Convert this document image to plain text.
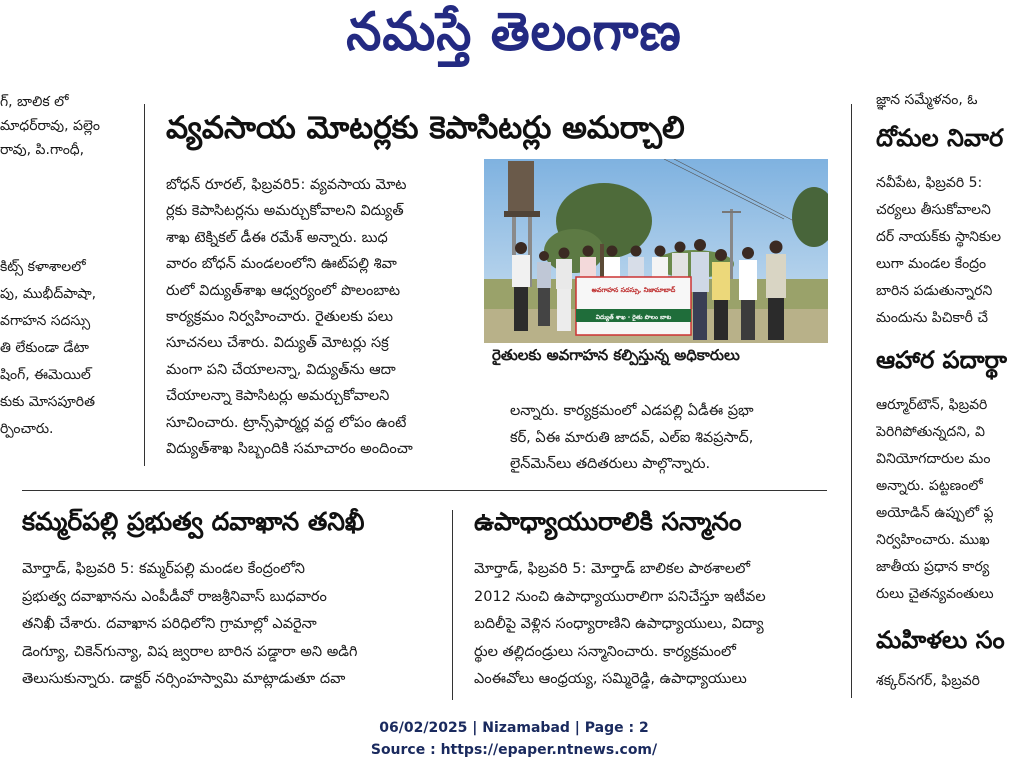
నమస్తే తెలంగాణ

గ్, బాలిక లో

మాధర్‌రావు, పల్లెం

రావు, పి.గాంధీ,

కిట్స్‌ కళాశాలలో

పు, ముభీద్‌పాషా,

వగాహన సదస్సు

తి లేకుండా డేటా

షింగ్‌, ఈమెయిల్‌

కుకు మోసపూరిత

ర్పించారు.

వ్యవసాయ మోటర్లకు కెపాసిటర్లు అమర్చాలి

బోధన్‌ రూరల్‌, ఫిబ్రవరి5: వ్యవసాయ మోట

ర్లకు కెపాసిటర్లను అమర్చుకోవాలని విద్యుత్‌

శాఖ టెక్నికల్‌ డీఈ రమేశ్‌ అన్నారు. బుధ

వారం బోధన్‌ మండలంలోని ఊట్‌పల్లి శివా

రులో విద్యుత్‌శాఖ ఆధ్వర్యంలో పొలంబాట

కార్యక్రమం నిర్వహించారు. రైతులకు పలు

సూచనలు చేశారు. విద్యుత్‌ మోటర్లు సక్ర

మంగా పని చేయాలన్నా, విద్యుత్‌ను ఆదా

చేయాలన్నా కెపాసిటర్లు అమర్చుకోవాలని

సూచించారు. ట్రాన్స్‌ఫార్మర్ల వద్ద లోపం ఉంటే

విద్యుత్‌శాఖ సిబ్బందికి సమాచారం అందించా

అవగాహన సదస్సు, నిజామాబాద్
విద్యుత్ శాఖ - రైతు పొలం బాట
రైతులకు అవగాహన కల్పిస్తున్న అధికారులు

లన్నారు. కార్యక్రమంలో ఎడపల్లి ఏడీఈ ప్రభా

కర్‌, ఏఈ మారుతి జాదవ్‌, ఎల్‌ఐ శివప్రసాద్‌,

లైన్‌మెన్‌లు తదితరులు పాల్గొన్నారు.

కమ్మర్‌పల్లి ప్రభుత్వ దవాఖాన తనిఖీ

మోర్తాడ్‌, ఫిబ్రవరి 5: కమ్మర్‌పల్లి మండల కేంద్రంలోని

ప్రభుత్వ దవాఖానను ఎంపీడీవో రాజశ్రీనివాస్‌ బుధవారం

తనిఖీ చేశారు. దవాఖాన పరిధిలోని గ్రామాల్లో ఎవరైనా

డెంగ్యూ, చికెన్‌గున్యా, విష జ్వరాల బారిన పడ్డారా అని అడిగి

తెలుసుకున్నారు. డాక్టర్‌ నర్సింహస్వామి మాట్లాడుతూ దవా

ఉపాధ్యాయురాలికి సన్మానం

మోర్తాడ్‌, ఫిబ్రవరి 5: మోర్తాడ్‌ బాలికల పాఠశాలలో

2012 నుంచి ఉపాధ్యాయురాలిగా పనిచేస్తూ ఇటీవల

బదిలీపై వెళ్లిన సంధ్యారాణిని ఉపాధ్యాయులు, విద్యా

ర్థుల తల్లిదండ్రులు సన్మానించారు. కార్యక్రమంలో

ఎంఈవోలు ఆంధ్రయ్య, సమ్మిరెడ్డి, ఉపాధ్యాయులు

జ్ఞాన సమ్మేళనం, ఓ

దోమల నివార

నవీపేట, ఫిబ్రవరి 5:

చర్యలు తీసుకోవాలని

దర్‌ నాయక్‌కు స్థానికుల

లుగా మండల కేంద్రం

బారిన పడుతున్నారని

మందును పిచికారీ చే

ఆహార పదార్థా

ఆర్మూర్‌టౌన్‌, ఫిబ్రవరి

పెరిగిపోతున్నదని, వి

వినియోగదారుల మం

అన్నారు. పట్టణంలో

అయోడిన్‌ ఉప్పులో ఫ్ల

నిర్వహించారు. ముఖ

జాతీయ ప్రధాన కార్య

రులు చైతన్యవంతులు

మహిళలు సం

శక్కర్‌నగర్‌, ఫిబ్రవరి

06/02/2025 | Nizamabad | Page : 2
Source : https://epaper.ntnews.com/
